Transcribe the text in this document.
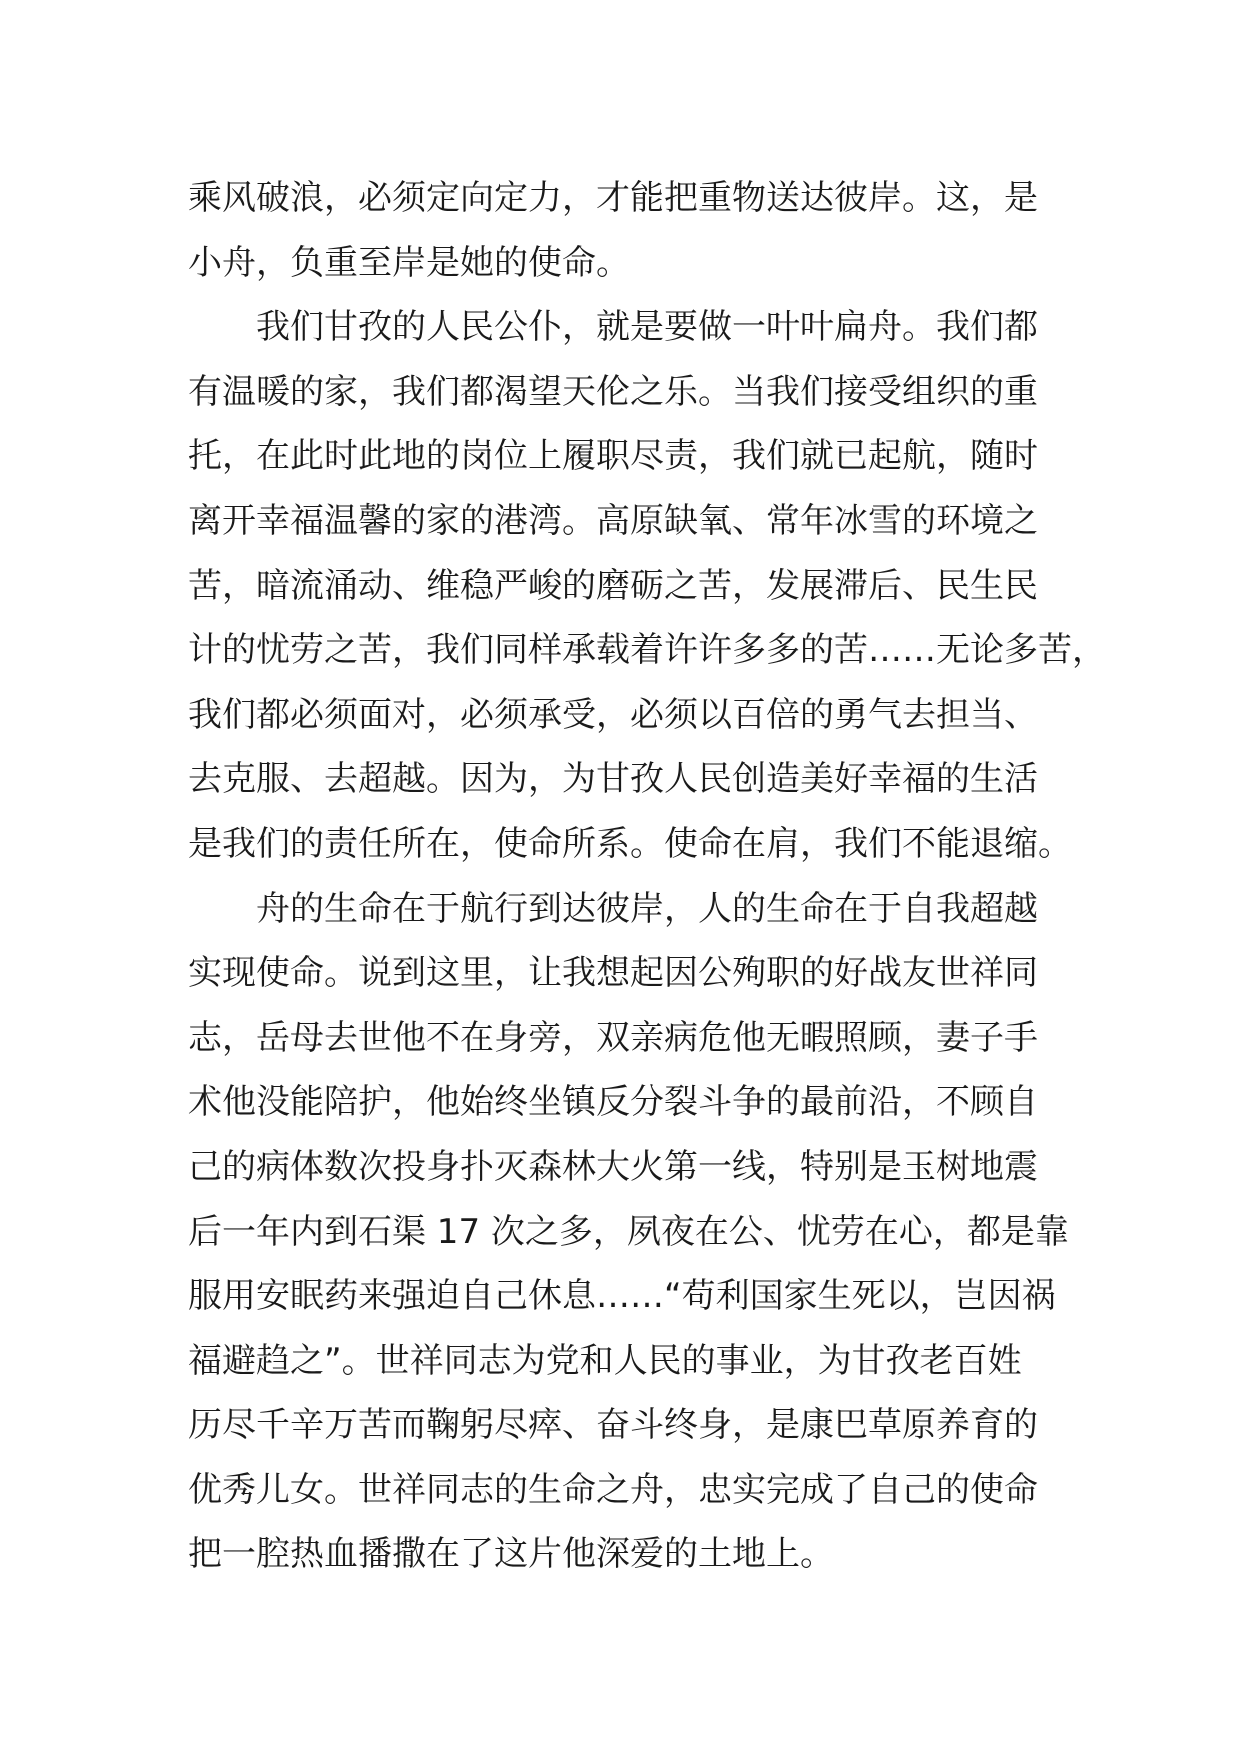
乘风破浪，必须定向定力，才能把重物送达彼岸。这，是
小舟，负重至岸是她的使命。
我们甘孜的人民公仆，就是要做一叶叶扁舟。我们都
有温暖的家，我们都渴望天伦之乐。当我们接受组织的重
托，在此时此地的岗位上履职尽责，我们就已起航，随时
离开幸福温馨的家的港湾。高原缺氧、常年冰雪的环境之
苦，暗流涌动、维稳严峻的磨砺之苦，发展滞后、民生民
计的忧劳之苦，我们同样承载着许许多多的苦……无论多苦，
我们都必须面对，必须承受，必须以百倍的勇气去担当、
去克服、去超越。因为，为甘孜人民创造美好幸福的生活
是我们的责任所在，使命所系。使命在肩，我们不能退缩。
舟的生命在于航行到达彼岸，人的生命在于自我超越
实现使命。说到这里，让我想起因公殉职的好战友世祥同
志，岳母去世他不在身旁，双亲病危他无暇照顾，妻子手
术他没能陪护，他始终坐镇反分裂斗争的最前沿，不顾自
己的病体数次投身扑灭森林大火第一线，特别是玉树地震
后一年内到石渠 17 次之多，夙夜在公、忧劳在心，都是靠
服用安眠药来强迫自己休息……“苟利国家生死以，岂因祸
福避趋之”。世祥同志为党和人民的事业，为甘孜老百姓
历尽千辛万苦而鞠躬尽瘁、奋斗终身，是康巴草原养育的
优秀儿女。世祥同志的生命之舟，忠实完成了自己的使命
把一腔热血播撒在了这片他深爱的土地上。
